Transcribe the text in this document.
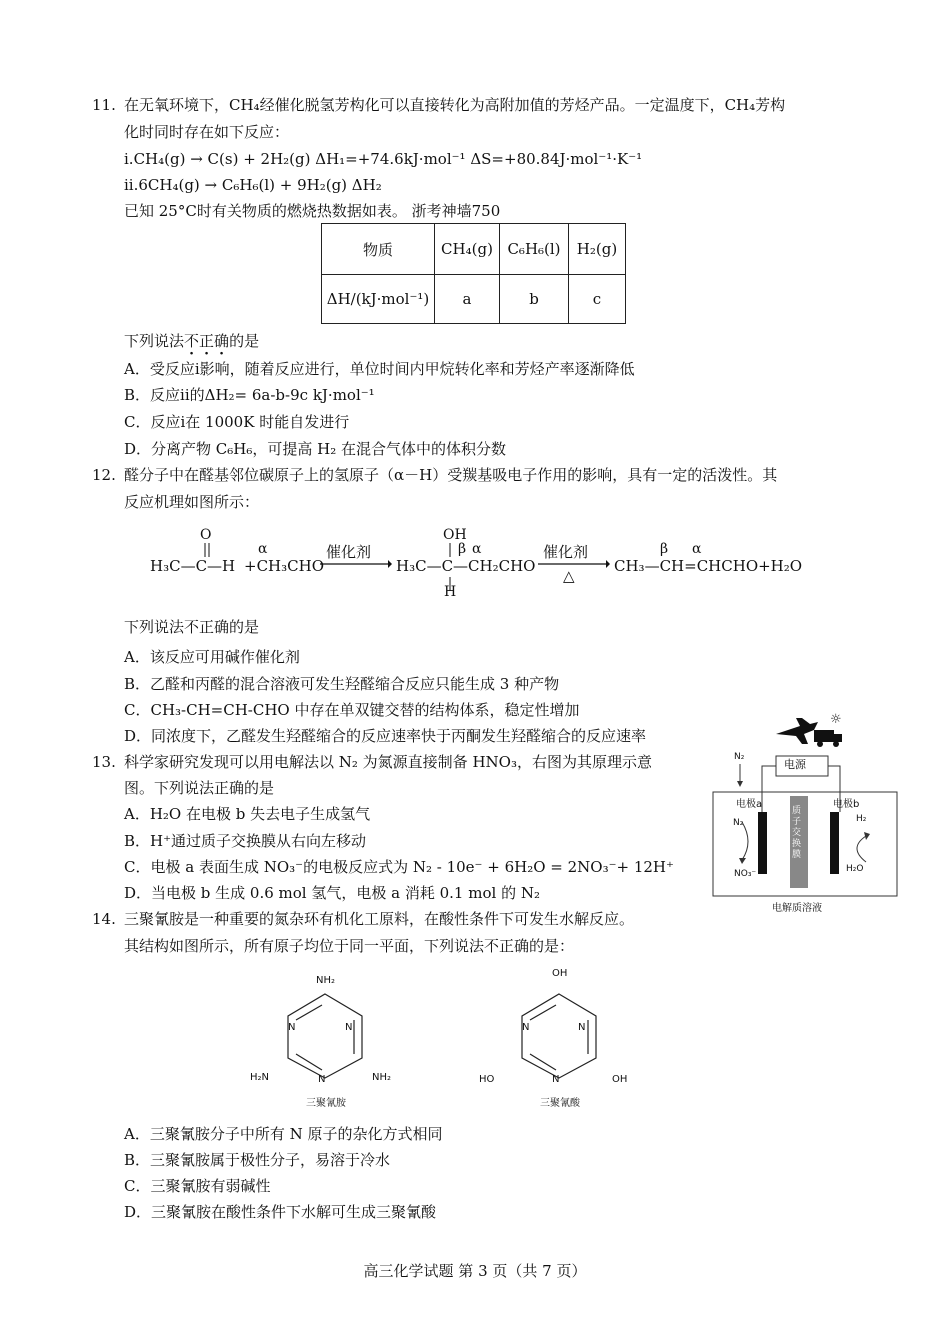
11. 在无氧环境下，CH₄经催化脱氢芳构化可以直接转化为高附加值的芳烃产品。一定温度下，CH₄芳构
化时同时存在如下反应：
i.CH₄(g) → C(s) + 2H₂(g) ΔH₁=+74.6kJ·mol⁻¹ ΔS=+80.84J·mol⁻¹·K⁻¹
ii.6CH₄(g) → C₆H₆(l) + 9H₂(g) ΔH₂
已知 25°C时有关物质的燃烧热数据如表。 浙考神墙750
物质	CH₄(g)	C₆H₆(l)	H₂(g)
ΔH/(kJ·mol⁻¹)	a	b	c
下列说法不正确的是
A．受反应i影响，随着反应进行，单位时间内甲烷转化率和芳烃产率逐渐降低
B．反应ii的ΔH₂= 6a-b-9c kJ·mol⁻¹
C．反应i在 1000K 时能自发进行
D．分离产物 C₆H₆，可提高 H₂ 在混合气体中的体积分数
12. 醛分子中在醛基邻位碳原子上的氢原子（α－H）受羰基吸电子作用的影响，具有一定的活泼性。其
反应机理如图所示：
O
H₃C—C—H
α
+CH₃CHO
催化剂
OH
β α
H₃C—C—CH₂CHO
H
催化剂
△
β α
CH₃—CH=CHCHO+H₂O
下列说法不正确的是
A．该反应可用碱作催化剂
B．乙醛和丙醛的混合溶液可发生羟醛缩合反应只能生成 3 种产物
C．CH₃-CH=CH-CHO 中存在单双键交替的结构体系，稳定性增加
D．同浓度下，乙醛发生羟醛缩合的反应速率快于丙酮发生羟醛缩合的反应速率
13. 科学家研究发现可以用电解法以 N₂ 为氮源直接制备 HNO₃，右图为其原理示意
图。下列说法正确的是
A．H₂O 在电极 b 失去电子生成氢气
B．H⁺通过质子交换膜从右向左移动
C．电极 a 表面生成 NO₃⁻的电极反应式为 N₂ - 10e⁻ + 6H₂O = 2NO₃⁻+ 12H⁺
D．当电极 b 生成 0.6 mol 氢气，电极 a 消耗 0.1 mol 的 N₂
☼
电源
N₂
电极a	电极b
N₂
NO₃⁻
H₂
H₂O
质子交换膜
电解质溶液
14. 三聚氰胺是一种重要的氮杂环有机化工原料，在酸性条件下可发生水解反应。
其结构如图所示，所有原子均位于同一平面，下列说法不正确的是：
NH₂
H₂N	NH₂
N	N
N
三聚氰胺
OH
HO	OH
N	N
N
三聚氰酸
A．三聚氰胺分子中所有 N 原子的杂化方式相同
B．三聚氰胺属于极性分子，易溶于冷水
C．三聚氰胺有弱碱性
D．三聚氰胺在酸性条件下水解可生成三聚氰酸
高三化学试题 第 3 页（共 7 页）
